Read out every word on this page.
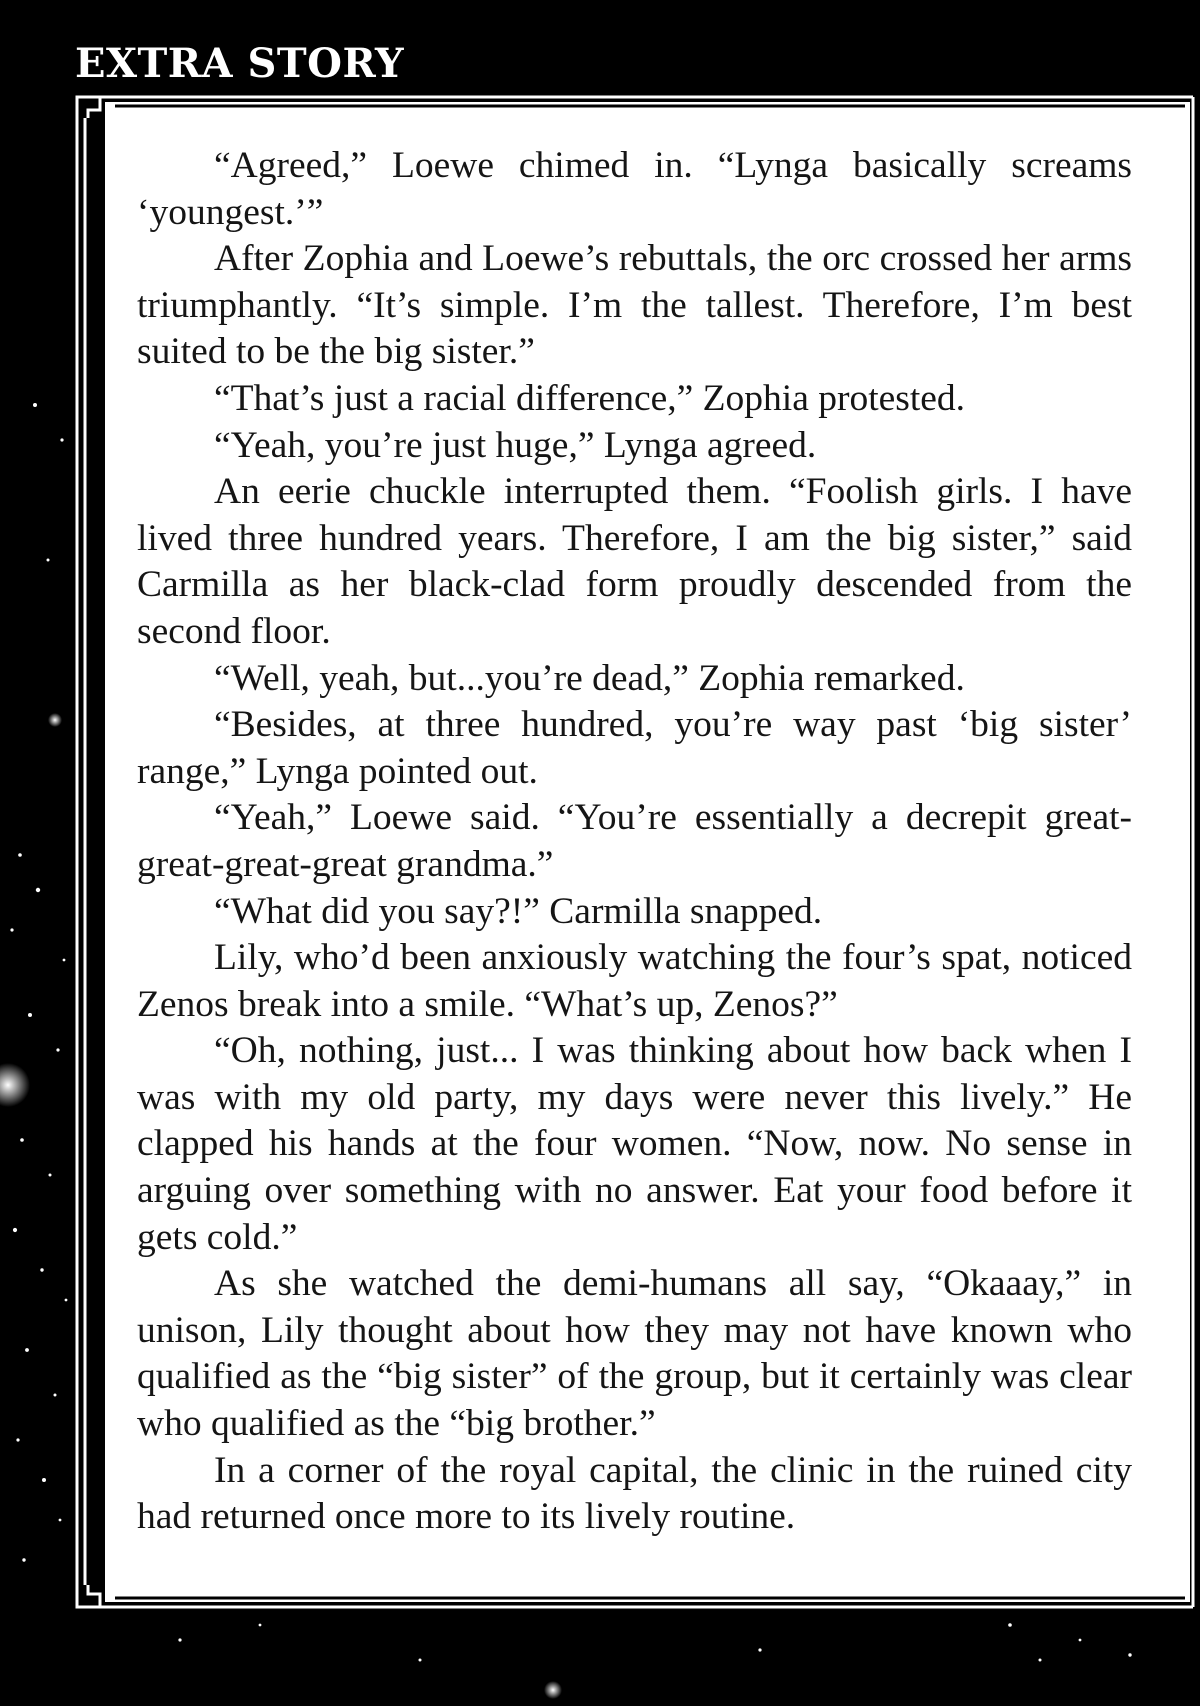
EXTRA STORY

“Agreed,” Loewe chimed in. “Lynga basically screams ‘youngest.’”

After Zophia and Loewe’s rebuttals, the orc crossed her arms triumphantly. “It’s simple. I’m the tallest. Therefore, I’m best suited to be the big sister.”

“That’s just a racial difference,” Zophia protested.

“Yeah, you’re just huge,” Lynga agreed.

An eerie chuckle interrupted them. “Foolish girls. I have lived three hundred years. Therefore, I am the big sister,” said Carmilla as her black-clad form proudly descended from the second floor.

“Well, yeah, but...you’re dead,” Zophia remarked.

“Besides, at three hundred, you’re way past ‘big sister’ range,” Lynga pointed out.

“Yeah,” Loewe said. “You’re essentially a decrepit great-great-great-great grandma.”

“What did you say?!” Carmilla snapped.

Lily, who’d been anxiously watching the four’s spat, noticed Zenos break into a smile. “What’s up, Zenos?”

“Oh, nothing, just... I was thinking about how back when I was with my old party, my days were never this lively.” He clapped his hands at the four women. “Now, now. No sense in arguing over something with no answer. Eat your food before it gets cold.”

As she watched the demi-humans all say, “Okaaay,” in unison, Lily thought about how they may not have known who qualified as the “big sister” of the group, but it certainly was clear who qualified as the “big brother.”

In a corner of the royal capital, the clinic in the ruined city had returned once more to its lively routine.
